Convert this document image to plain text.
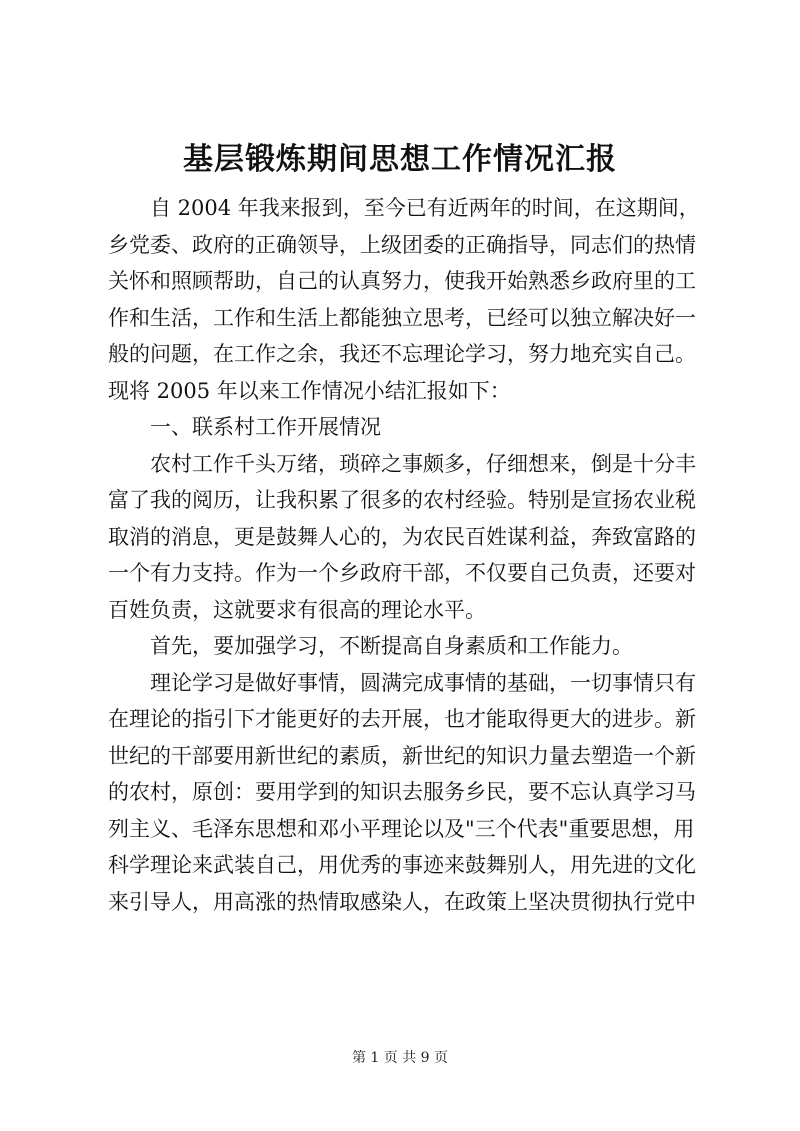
基层锻炼期间思想工作情况汇报

自 2004 年我来报到，至今已有近两年的时间，在这期间，

乡党委、政府的正确领导，上级团委的正确指导，同志们的热情

关怀和照顾帮助，自己的认真努力，使我开始熟悉乡政府里的工

作和生活，工作和生活上都能独立思考，已经可以独立解决好一

般的问题，在工作之余，我还不忘理论学习，努力地充实自己。

现将 2005 年以来工作情况小结汇报如下：

一、联系村工作开展情况

农村工作千头万绪，琐碎之事颇多，仔细想来，倒是十分丰

富了我的阅历，让我积累了很多的农村经验。特别是宣扬农业税

取消的消息，更是鼓舞人心的，为农民百姓谋利益，奔致富路的

一个有力支持。作为一个乡政府干部，不仅要自己负责，还要对

百姓负责，这就要求有很高的理论水平。

首先，要加强学习，不断提高自身素质和工作能力。

理论学习是做好事情，圆满完成事情的基础，一切事情只有

在理论的指引下才能更好的去开展，也才能取得更大的进步。新

世纪的干部要用新世纪的素质，新世纪的知识力量去塑造一个新

的农村，原创：要用学到的知识去服务乡民，要不忘认真学习马

列主义、毛泽东思想和邓小平理论以及"三个代表"重要思想，用

科学理论来武装自己，用优秀的事迹来鼓舞别人，用先进的文化

来引导人，用高涨的热情取感染人，在政策上坚决贯彻执行党中

第 1 页 共 9 页
